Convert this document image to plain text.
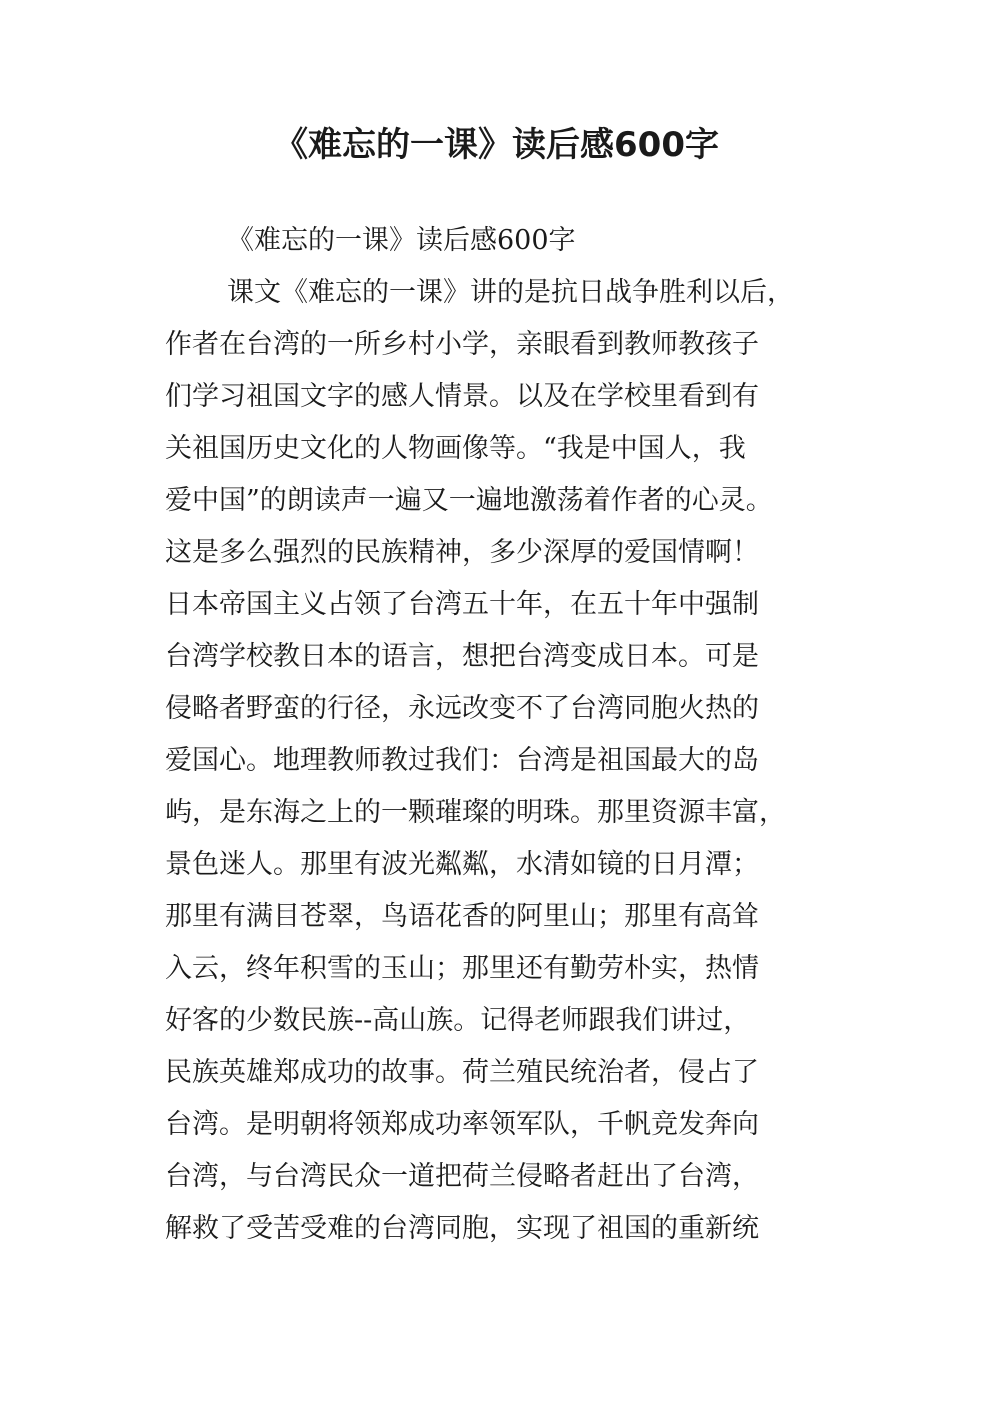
《难忘的一课》读后感600字
《难忘的一课》读后感600字
课文《难忘的一课》讲的是抗日战争胜利以后，
作者在台湾的一所乡村小学，亲眼看到教师教孩子
们学习祖国文字的感人情景。以及在学校里看到有
关祖国历史文化的人物画像等。“我是中国人，我
爱中国”的朗读声一遍又一遍地激荡着作者的心灵。
这是多么强烈的民族精神，多少深厚的爱国情啊！
日本帝国主义占领了台湾五十年，在五十年中强制
台湾学校教日本的语言，想把台湾变成日本。可是
侵略者野蛮的行径，永远改变不了台湾同胞火热的
爱国心。地理教师教过我们：台湾是祖国最大的岛
屿，是东海之上的一颗璀璨的明珠。那里资源丰富，
景色迷人。那里有波光粼粼，水清如镜的日月潭；
那里有满目苍翠，鸟语花香的阿里山；那里有高耸
入云，终年积雪的玉山；那里还有勤劳朴实，热情
好客的少数民族--高山族。记得老师跟我们讲过，
民族英雄郑成功的故事。荷兰殖民统治者，侵占了
台湾。是明朝将领郑成功率领军队，千帆竞发奔向
台湾，与台湾民众一道把荷兰侵略者赶出了台湾，
解救了受苦受难的台湾同胞，实现了祖国的重新统
